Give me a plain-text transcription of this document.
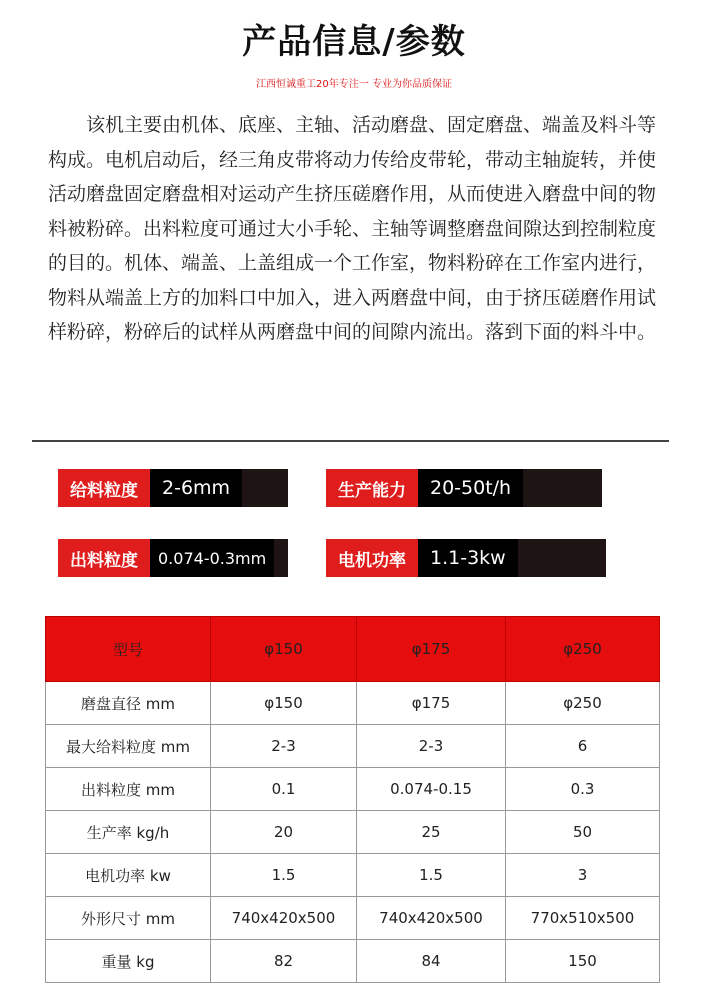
产品信息/参数
江西恒诚重工20年专注一 专业为你品质保证

该机主要由机体、底座、主轴、活动磨盘、固定磨盘、端盖及料斗等构成。电机启动后，经三角皮带将动力传给皮带轮，带动主轴旋转，并使活动磨盘固定磨盘相对运动产生挤压磋磨作用，从而使进入磨盘中间的物料被粉碎。出料粒度可通过大小手轮、主轴等调整磨盘间隙达到控制粒度的目的。机体、端盖、上盖组成一个工作室，物料粉碎在工作室内进行，物料从端盖上方的加料口中加入，进入两磨盘中间，由于挤压磋磨作用试样粉碎，粉碎后的试样从两磨盘中间的间隙内流出。落到下面的料斗中。

给料粒度	2-6mm	生产能力	20-50t/h
出料粒度	0.074-0.3mm	电机功率	1.1-3kw
型号	φ150	φ175	φ250
磨盘直径 mm	φ150	φ175	φ250
最大给料粒度 mm	2-3	2-3	6
出料粒度 mm	0.1	0.074-0.15	0.3
生产率 kg/h	20	25	50
电机功率 kw	1.5	1.5	3
外形尺寸 mm	740x420x500	740x420x500	770x510x500
重量 kg	82	84	150
